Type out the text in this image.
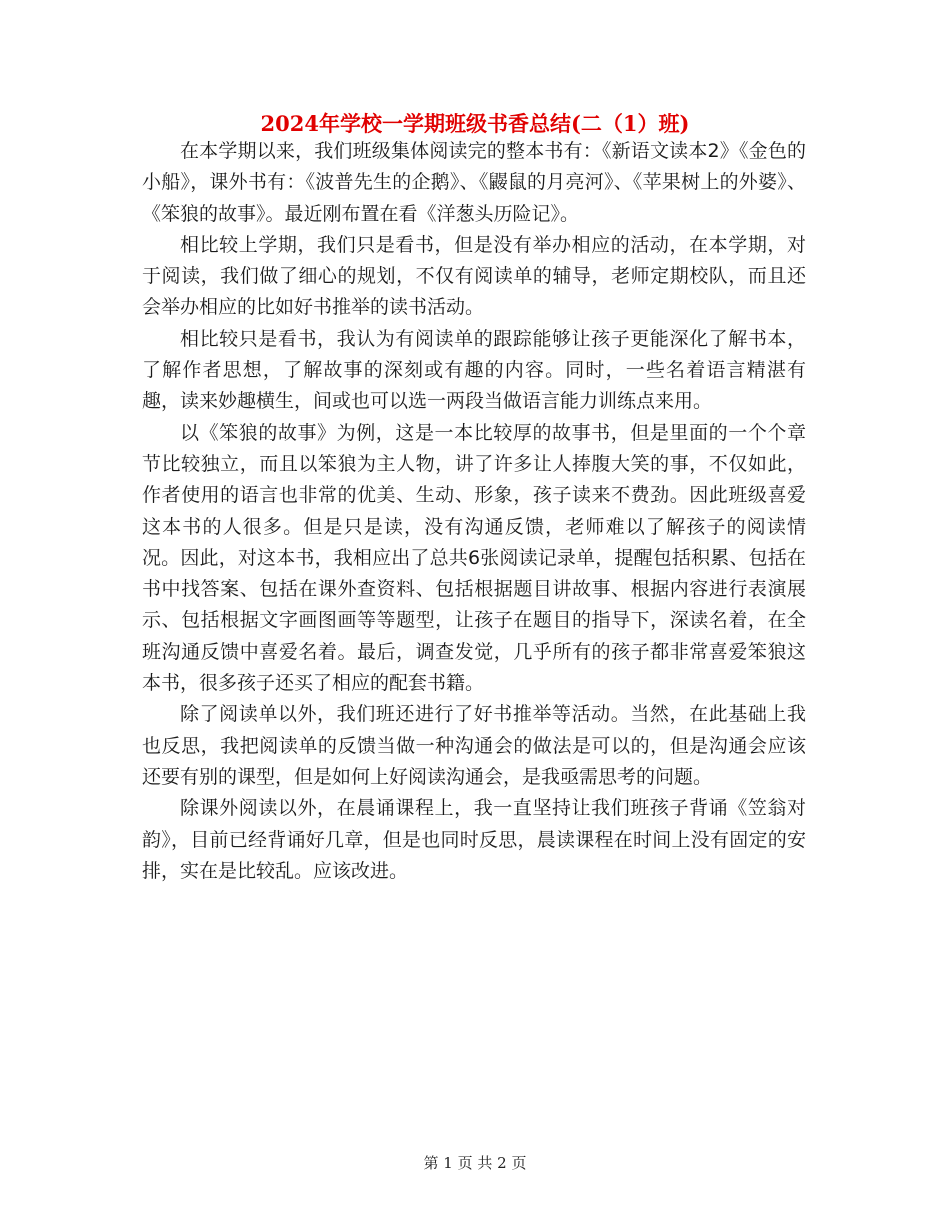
2024年学校一学期班级书香总结(二（1）班)

在本学期以来，我们班级集体阅读完的整本书有：《新语文读本2》《金色的小船》，课外书有：《波普先生的企鹅》、《鼹鼠的月亮河》、《苹果树上的外婆》、《笨狼的故事》。最近刚布置在看《洋葱头历险记》。

相比较上学期，我们只是看书，但是没有举办相应的活动，在本学期，对于阅读，我们做了细心的规划，不仅有阅读单的辅导，老师定期校队，而且还会举办相应的比如好书推举的读书活动。

相比较只是看书，我认为有阅读单的跟踪能够让孩子更能深化了解书本，了解作者思想，了解故事的深刻或有趣的内容。同时，一些名着语言精湛有趣，读来妙趣横生，间或也可以选一两段当做语言能力训练点来用。

以《笨狼的故事》为例，这是一本比较厚的故事书，但是里面的一个个章节比较独立，而且以笨狼为主人物，讲了许多让人捧腹大笑的事，不仅如此，作者使用的语言也非常的优美、生动、形象，孩子读来不费劲。因此班级喜爱这本书的人很多。但是只是读，没有沟通反馈，老师难以了解孩子的阅读情况。因此，对这本书，我相应出了总共6张阅读记录单，提醒包括积累、包括在书中找答案、包括在课外查资料、包括根据题目讲故事、根据内容进行表演展示、包括根据文字画图画等等题型，让孩子在题目的指导下，深读名着，在全班沟通反馈中喜爱名着。最后，调查发觉，几乎所有的孩子都非常喜爱笨狼这本书，很多孩子还买了相应的配套书籍。

除了阅读单以外，我们班还进行了好书推举等活动。当然，在此基础上我也反思，我把阅读单的反馈当做一种沟通会的做法是可以的，但是沟通会应该还要有别的课型，但是如何上好阅读沟通会，是我亟需思考的问题。

除课外阅读以外，在晨诵课程上，我一直坚持让我们班孩子背诵《笠翁对韵》，目前已经背诵好几章，但是也同时反思，晨读课程在时间上没有固定的安排，实在是比较乱。应该改进。

第 1 页 共 2 页
